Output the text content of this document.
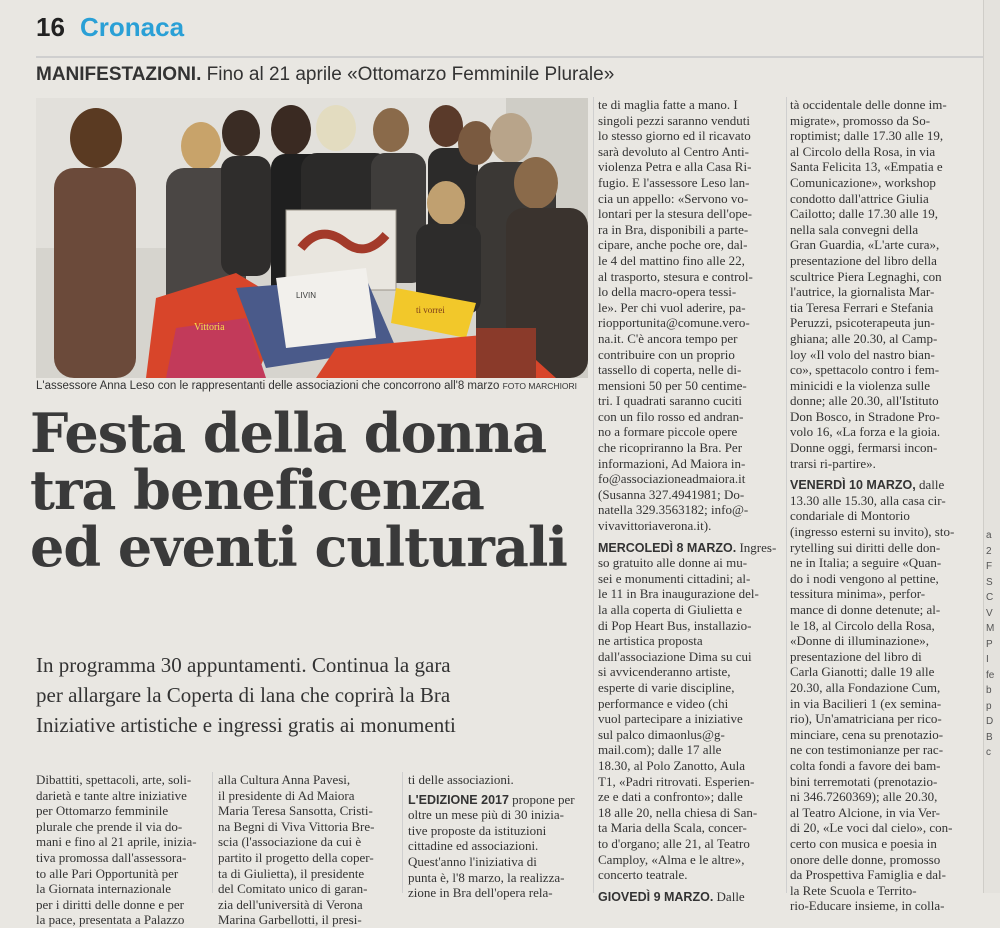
16 Cronaca
MANIFESTAZIONI. Fino al 21 aprile «Ottomarzo Femminile Plurale»
Vittoria
LIVIN
ti vorrei
L'assessore Anna Leso con le rappresentanti delle associazioni che concorrono all'8 marzo FOTO MARCHIORI
Festa della donna
tra beneficenza
ed eventi culturali
In programma 30 appuntamenti. Continua la gara
per allargare la Coperta di lana che coprirà la Bra
Iniziative artistiche e ingressi gratis ai monumenti
Dibattiti, spettacoli, arte, soli-
darietà e tante altre iniziative
per Ottomarzo femminile
plurale che prende il via do-
mani e fino al 21 aprile, inizia-
tiva promossa dall'assessora-
to alle Pari Opportunità per
la Giornata internazionale
per i diritti delle donne e per
la pace, presentata a Palazzo
alla Cultura Anna Pavesi,
il presidente di Ad Maiora
Maria Teresa Sansotta, Cristi-
na Begni di Viva Vittoria Bre-
scia (l'associazione da cui è
partito il progetto della coper-
ta di Giulietta), il presidente
del Comitato unico di garan-
zia dell'università di Verona
Marina Garbellotti, il presi-
ti delle associazioni.
L'EDIZIONE 2017 propone per
oltre un mese più di 30 inizia-
tive proposte da istituzioni
cittadine ed associazioni.
Quest'anno l'iniziativa di
punta è, l'8 marzo, la realizza-
zione in Bra dell'opera rela-
te di maglia fatte a mano. I
singoli pezzi saranno venduti
lo stesso giorno ed il ricavato
sarà devoluto al Centro Anti-
violenza Petra e alla Casa Ri-
fugio. E l'assessore Leso lan-
cia un appello: «Servono vo-
lontari per la stesura dell'ope-
ra in Bra, disponibili a parte-
cipare, anche poche ore, dal-
le 4 del mattino fino alle 22,
al trasporto, stesura e control-
lo della macro-opera tessi-
le». Per chi vuol aderire, pa-
riopportunita@comune.vero-
na.it. C'è ancora tempo per
contribuire con un proprio
tassello di coperta, nelle di-
mensioni 50 per 50 centime-
tri. I quadrati saranno cuciti
con un filo rosso ed andran-
no a formare piccole opere
che ricopriranno la Bra. Per
informazioni, Ad Maiora in-
fo@associazioneadmaiora.it
(Susanna 327.4941981; Do-
natella 329.3563182; info@-
vivavittoriaverona.it).
MERCOLEDÌ 8 MARZO. Ingres-
so gratuito alle donne ai mu-
sei e monumenti cittadini; al-
le 11 in Bra inaugurazione del-
la alla coperta di Giulietta e
di Pop Heart Bus, installazio-
ne artistica proposta
dall'associazione Dima su cui
si avvicenderanno artiste,
esperte di varie discipline,
performance e video (chi
vuol partecipare a iniziative
sul palco dimaonlus@g-
mail.com); dalle 17 alle
18.30, al Polo Zanotto, Aula
T1, «Padri ritrovati. Esperien-
ze e dati a confronto»; dalle
18 alle 20, nella chiesa di San-
ta Maria della Scala, concer-
to d'organo; alle 21, al Teatro
Camploy, «Alma e le altre»,
concerto teatrale.
GIOVEDÌ 9 MARZO. Dalle
tà occidentale delle donne im-
migrate», promosso da So-
roptimist; dalle 17.30 alle 19,
al Circolo della Rosa, in via
Santa Felicita 13, «Empatia e
Comunicazione», workshop
condotto dall'attrice Giulia
Cailotto; dalle 17.30 alle 19,
nella sala convegni della
Gran Guardia, «L'arte cura»,
presentazione del libro della
scultrice Piera Legnaghi, con
l'autrice, la giornalista Mar-
tia Teresa Ferrari e Stefania
Peruzzi, psicoterapeuta jun-
ghiana; alle 20.30, al Camp-
loy «Il volo del nastro bian-
co», spettacolo contro i fem-
minicidi e la violenza sulle
donne; alle 20.30, all'Istituto
Don Bosco, in Stradone Pro-
volo 16, «La forza e la gioia.
Donne oggi, fermarsi incon-
trarsi ri-partire».
VENERDÌ 10 MARZO, dalle
13.30 alle 15.30, alla casa cir-
condariale di Montorio
(ingresso esterni su invito), sto-
rytelling sui diritti delle don-
ne in Italia; a seguire «Quan-
do i nodi vengono al pettine,
tessitura minima», perfor-
mance di donne detenute; al-
le 18, al Circolo della Rosa,
«Donne di illuminazione»,
presentazione del libro di
Carla Gianotti; dalle 19 alle
20.30, alla Fondazione Cum,
in via Bacilieri 1 (ex semina-
rio), Un'amatriciana per rico-
minciare, cena su prenotazio-
ne con testimonianze per rac-
colta fondi a favore dei bam-
bini terremotati (prenotazio-
ni 346.7260369); alle 20.30,
al Teatro Alcione, in via Ver-
di 20, «Le voci dal cielo», con-
certo con musica e poesia in
onore delle donne, promosso
da Prospettiva Famiglia e dal-
la Rete Scuola e Territo-
rio-Educare insieme, in colla-
a
2
F
S
C
V
M
P
I
fe
b
p
D
B
c
